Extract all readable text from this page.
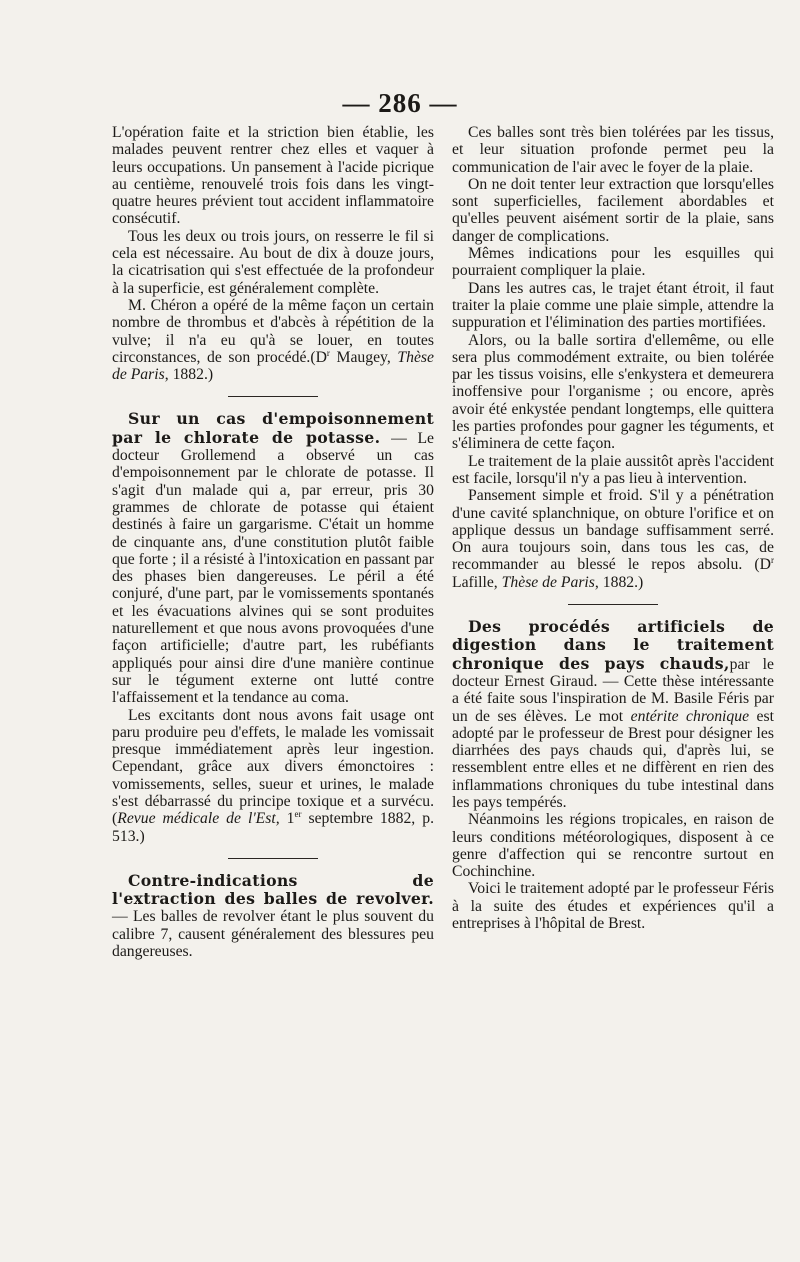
— 286 —

L'opération faite et la striction bien établie, les malades peuvent rentrer chez elles et vaquer à leurs occupations. Un pansement à l'acide picrique au centième, renouvelé trois fois dans les vingt-quatre heures prévient tout accident inflammatoire consécutif.

Tous les deux ou trois jours, on resserre le fil si cela est nécessaire. Au bout de dix à douze jours, la cicatrisation qui s'est effectuée de la profondeur à la superficie, est généralement complète.

M. Chéron a opéré de la même façon un certain nombre de thrombus et d'abcès à répétition de la vulve; il n'a eu qu'à se louer, en toutes circonstances, de son $procédé.(D^r$ Maugey, Thèse de Paris, 1882.)

Sur un cas d'empoisonnement par le chlorate de potasse. — Le docteur Grollemend a observé un cas d'empoisonnement par le chlorate de potasse. Il s'agit d'un malade qui a, par erreur, pris 30 grammes de chlorate de potasse qui étaient destinés à faire un gargarisme. C'était un homme de cinquante ans, d'une constitution plutôt faible que forte ; il a résisté à l'intoxication en passant par des phases bien dangereuses. Le péril a été conjuré, d'une part, par le vomissements spontanés et les évacuations alvines qui se sont produites naturellement et que nous avons provoquées d'une façon artificielle; d'autre part, les rubéfiants appliqués pour ainsi dire d'une manière continue sur le tégument externe ont lutté contre l'affaissement et la tendance au coma.

Les excitants dont nous avons fait usage ont paru produire peu d'effets, le malade les vomissait presque immédiatement après leur ingestion. Cependant, grâce aux divers émonctoires : vomissements, selles, sueur et urines, le malade s'est débarrassé du principe toxique et a survécu. (Revue médicale de l'Est, 1er septembre 1882, p. 513.)

Contre-indications de l'extraction des balles de revolver. — Les balles de revolver étant le plus souvent du calibre 7, causent généralement des blessures peu dangereuses.

Ces balles sont très bien tolérées par les tissus, et leur situation profonde permet peu la communication de l'air avec le foyer de la plaie.

On ne doit tenter leur extraction que lorsqu'elles sont superficielles, facilement abordables et qu'elles peuvent aisément sortir de la plaie, sans danger de complications.

Mêmes indications pour les esquilles qui pourraient compliquer la plaie.

Dans les autres cas, le trajet étant étroit, il faut traiter la plaie comme une plaie simple, attendre la suppuration et l'élimination des parties mortifiées.

Alors, ou la balle sortira d'ellemême, ou elle sera plus commodément extraite, ou bien tolérée par les tissus voisins, elle s'enkystera et demeurera inoffensive pour l'organisme ; ou encore, après avoir été enkystée pendant longtemps, elle quittera les parties profondes pour gagner les téguments, et s'éliminera de cette façon.

Le traitement de la plaie aussitôt après l'accident est facile, lorsqu'il n'y a pas lieu à intervention.

Pansement simple et froid. S'il y a pénétration d'une cavité splanchnique, on obture l'orifice et on applique dessus un bandage suffisamment serré. On aura toujours soin, dans tous les cas, de recommander au blessé le repos absolu. ($D^r$ Lafille, Thèse de Paris, 1882.)

Des procédés artificiels de digestion dans le traitement chronique des pays chauds,par le docteur Ernest Giraud. — Cette thèse intéressante a été faite sous l'inspiration de M. Basile Féris par un de ses élèves. Le mot entérite chronique est adopté par le professeur de Brest pour désigner les diarrhées des pays chauds qui, d'après lui, se ressemblent entre elles et ne diffèrent en rien des inflammations chroniques du tube intestinal dans les pays tempérés.

Néanmoins les régions tropicales, en raison de leurs conditions météorologiques, disposent à ce genre d'affection qui se rencontre surtout en Cochinchine.

Voici le traitement adopté par le professeur Féris à la suite des études et expériences qu'il a entreprises à l'hôpital de Brest.
